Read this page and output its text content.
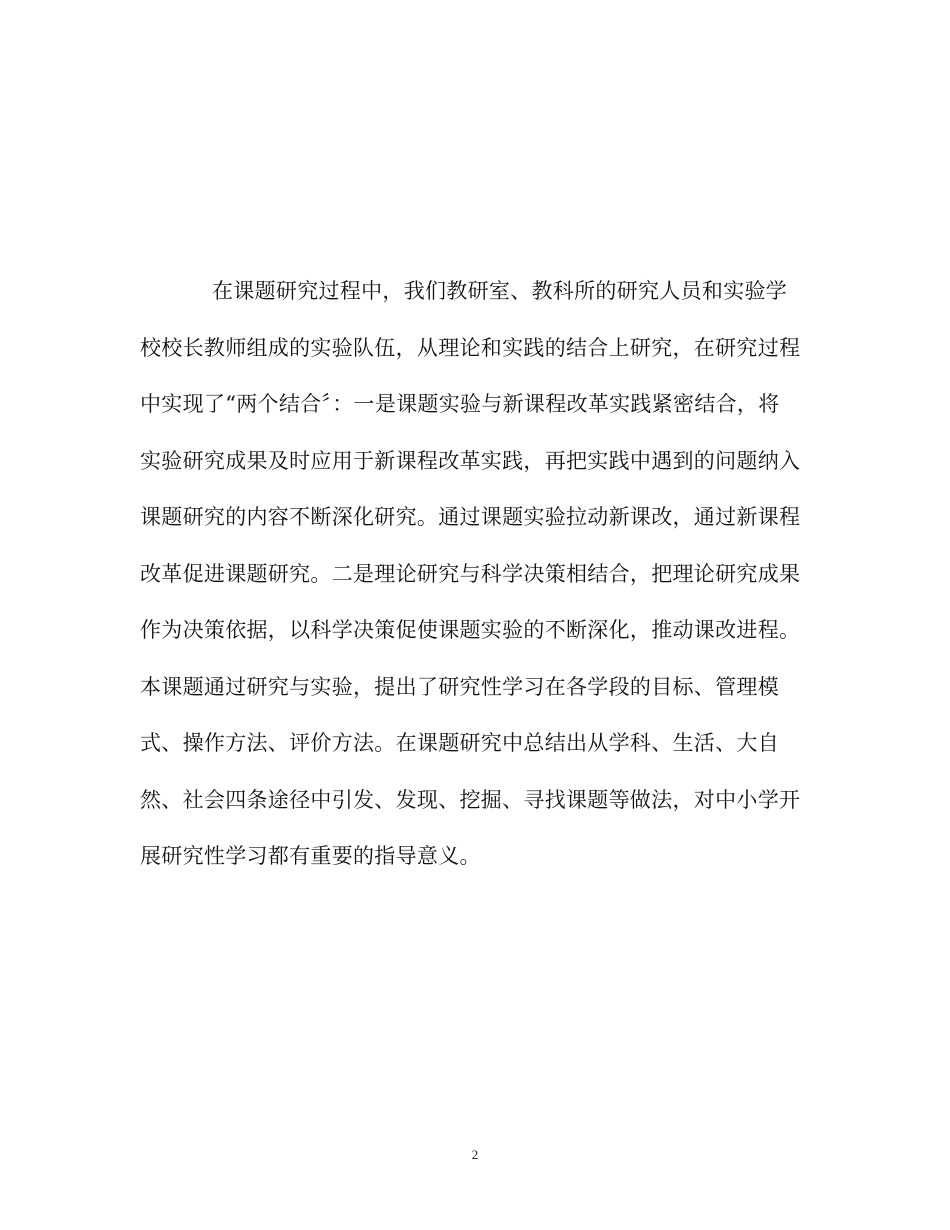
在课题研究过程中，我们教研室、教科所的研究人员和实验学
校校长教师组成的实验队伍，从理论和实践的结合上研究，在研究过程
中实现了“两个结合〞：一是课题实验与新课程改革实践紧密结合，将
实验研究成果及时应用于新课程改革实践，再把实践中遇到的问题纳入
课题研究的内容不断深化研究。通过课题实验拉动新课改，通过新课程
改革促进课题研究。二是理论研究与科学决策相结合，把理论研究成果
作为决策依据，以科学决策促使课题实验的不断深化，推动课改进程。
本课题通过研究与实验，提出了研究性学习在各学段的目标、管理模
式、操作方法、评价方法。在课题研究中总结出从学科、生活、大自
然、社会四条途径中引发、发现、挖掘、寻找课题等做法，对中小学开
展研究性学习都有重要的指导意义。
2
